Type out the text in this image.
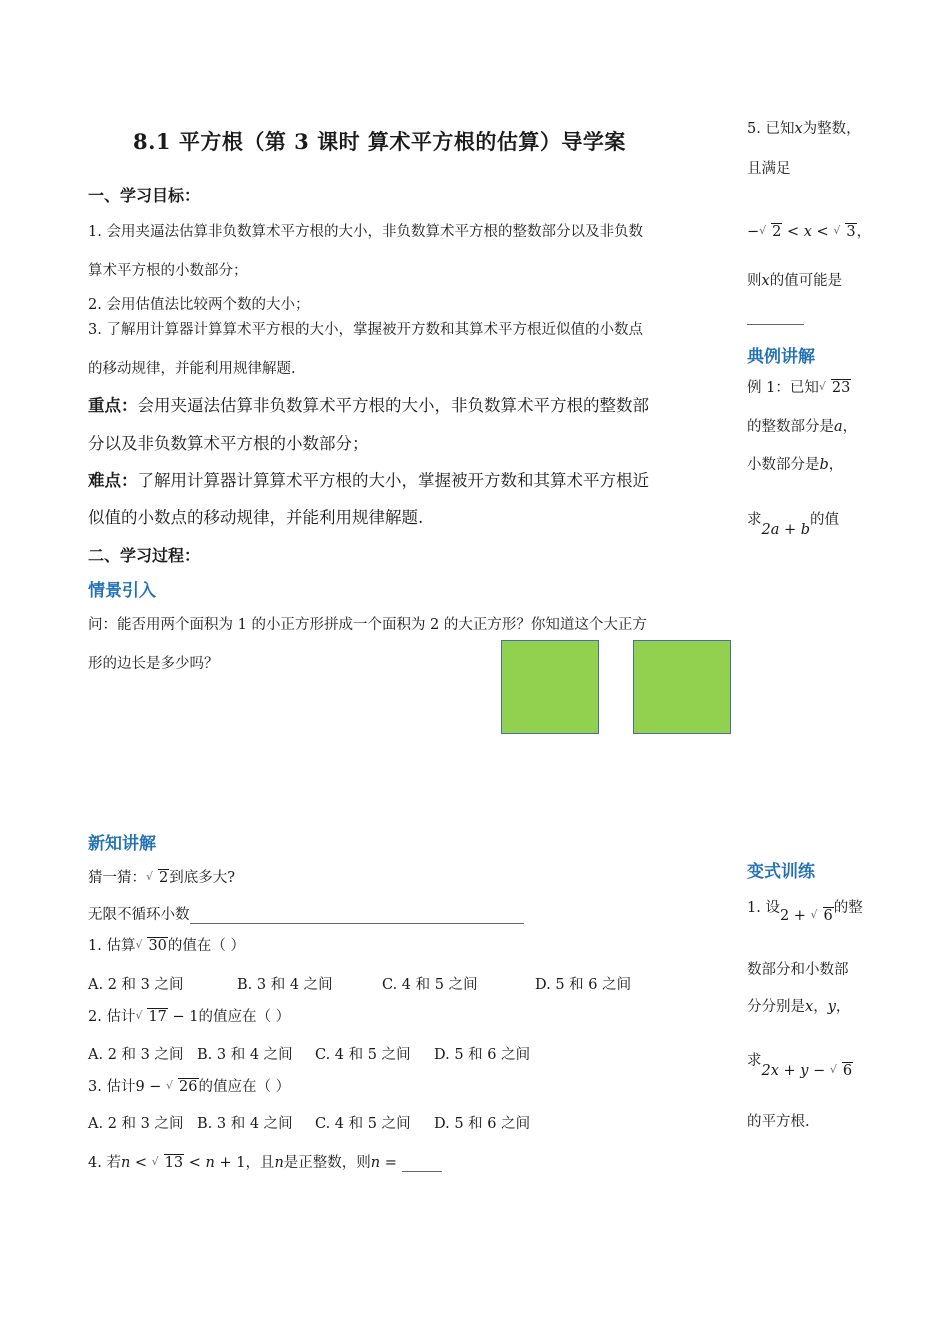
8.1 平方根（第 3 课时 算术平方根的估算）导学案
一、学习目标：
1. 会用夹逼法估算非负数算术平方根的大小，非负数算术平方根的整数部分以及非负数
算术平方根的小数部分；
2. 会用估值法比较两个数的大小；
3. 了解用计算器计算算术平方根的大小，掌握被开方数和其算术平方根近似值的小数点
的移动规律，并能利用规律解题.
重点：会用夹逼法估算非负数算术平方根的大小，非负数算术平方根的整数部
分以及非负数算术平方根的小数部分；
难点：了解用计算器计算算术平方根的大小，掌握被开方数和其算术平方根近
似值的小数点的移动规律，并能利用规律解题.
二、学习过程：
情景引入
问：能否用两个面积为 1 的小正方形拼成一个面积为 2 的大正方形？你知道这个大正方
形的边长是多少吗？
新知讲解
猜一猜： √ 2到底多大?
无限不循环小数
1. 估算 √ 30的值在（ ）
A. 2 和 3 之间	B. 3 和 4 之间	C. 4 和 5 之间	D. 5 和 6 之间
2. 估计 √ 17 − 1的值应在（ ）
A. 2 和 3 之间 B. 3 和 4 之间 C. 4 和 5 之间 D. 5 和 6 之间
3. 估计9 − √ 26的值应在（ ）
A. 2 和 3 之间 B. 3 和 4 之间 C. 4 和 5 之间 D. 5 和 6 之间
4. 若n < √ 13 < n + 1，且n是正整数，则n =
5. 已知x为整数，
且满足
− √ 2 < x < √ 3，
则x的值可能是
典例讲解
例 1：已知 √ 23
的整数部分是a，
小数部分是b，
求2a + b的值
变式训练
1. 设2 + √ 6的整
数部分和小数部
分分别是x，y，
求2x + y − √ 6
的平方根.
